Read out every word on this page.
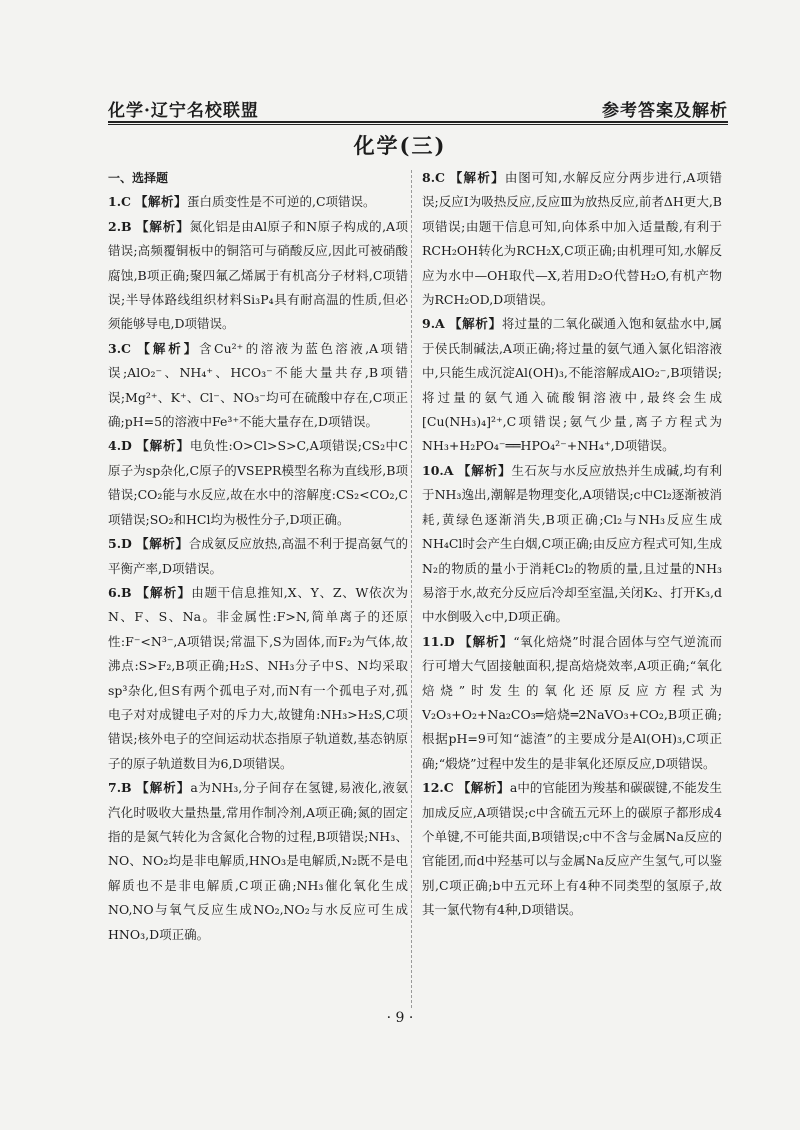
化学·辽宁名校联盟	参考答案及解析
化学(三)
一、选择题

1.C 【解析】蛋白质变性是不可逆的,C项错误。

2.B 【解析】氮化铝是由Al原子和N原子构成的,A项错误;高频覆铜板中的铜箔可与硝酸反应,因此可被硝酸腐蚀,B项正确;聚四氟乙烯属于有机高分子材料,C项错误;半导体路线组织材料Si₃P₄具有耐高温的性质,但必须能够导电,D项错误。

3.C 【解析】含Cu²⁺的溶液为蓝色溶液,A项错误;AlO₂⁻、NH₄⁺、HCO₃⁻不能大量共存,B项错误;Mg²⁺、K⁺、Cl⁻、NO₃⁻均可在硫酸中存在,C项正确;pH=5的溶液中Fe³⁺不能大量存在,D项错误。

4.D 【解析】电负性:O>Cl>S>C,A项错误;CS₂中C原子为sp杂化,C原子的VSEPR模型名称为直线形,B项错误;CO₂能与水反应,故在水中的溶解度:CS₂<CO₂,C项错误;SO₂和HCl均为极性分子,D项正确。

5.D 【解析】合成氨反应放热,高温不利于提高氨气的平衡产率,D项错误。

6.B 【解析】由题干信息推知,X、Y、Z、W依次为N、F、S、Na。非金属性:F>N,简单离子的还原性:F⁻<N³⁻,A项错误;常温下,S为固体,而F₂为气体,故沸点:S>F₂,B项正确;H₂S、NH₃分子中S、N均采取sp³杂化,但S有两个孤电子对,而N有一个孤电子对,孤电子对对成键电子对的斥力大,故键角:NH₃>H₂S,C项错误;核外电子的空间运动状态指原子轨道数,基态钠原子的原子轨道数目为6,D项错误。

7.B 【解析】a为NH₃,分子间存在氢键,易液化,液氨汽化时吸收大量热量,常用作制冷剂,A项正确;氮的固定指的是氮气转化为含氮化合物的过程,B项错误;NH₃、NO、NO₂均是非电解质,HNO₃是电解质,N₂既不是电解质也不是非电解质,C项正确;NH₃催化氧化生成NO,NO与氧气反应生成NO₂,NO₂与水反应可生成HNO₃,D项正确。

8.C 【解析】由图可知,水解反应分两步进行,A项错误;反应Ⅰ为吸热反应,反应Ⅲ为放热反应,前者ΔH更大,B项错误;由题干信息可知,向体系中加入适量酸,有利于RCH₂OH转化为RCH₂X,C项正确;由机理可知,水解反应为水中—OH取代—X,若用D₂O代替H₂O,有机产物为RCH₂OD,D项错误。

9.A 【解析】将过量的二氧化碳通入饱和氨盐水中,属于侯氏制碱法,A项正确;将过量的氨气通入氯化铝溶液中,只能生成沉淀Al(OH)₃,不能溶解成AlO₂⁻,B项错误;将过量的氨气通入硫酸铜溶液中,最终会生成[Cu(NH₃)₄]²⁺,C项错误;氨气少量,离子方程式为NH₃+H₂PO₄⁻══HPO₄²⁻+NH₄⁺,D项错误。

10.A 【解析】生石灰与水反应放热并生成碱,均有利于NH₃逸出,潮解是物理变化,A项错误;c中Cl₂逐渐被消耗,黄绿色逐渐消失,B项正确;Cl₂与NH₃反应生成NH₄Cl时会产生白烟,C项正确;由反应方程式可知,生成N₂的物质的量小于消耗Cl₂的物质的量,且过量的NH₃易溶于水,故充分反应后冷却至室温,关闭K₂、打开K₃,d中水倒吸入c中,D项正确。

11.D 【解析】“氧化焙烧”时混合固体与空气逆流而行可增大气固接触面积,提高焙烧效率,A项正确;“氧化焙烧”时发生的氧化还原反应方程式为V₂O₃+O₂+Na₂CO₃═焙烧═2NaVO₃+CO₂,B项正确;根据pH=9可知“滤渣”的主要成分是Al(OH)₃,C项正确;“煅烧”过程中发生的是非氧化还原反应,D项错误。

12.C 【解析】a中的官能团为羧基和碳碳键,不能发生加成反应,A项错误;c中含硫五元环上的碳原子都形成4个单键,不可能共面,B项错误;c中不含与金属Na反应的官能团,而d中羟基可以与金属Na反应产生氢气,可以鉴别,C项正确;b中五元环上有4种不同类型的氢原子,故其一氯代物有4种,D项错误。

· 9 ·
